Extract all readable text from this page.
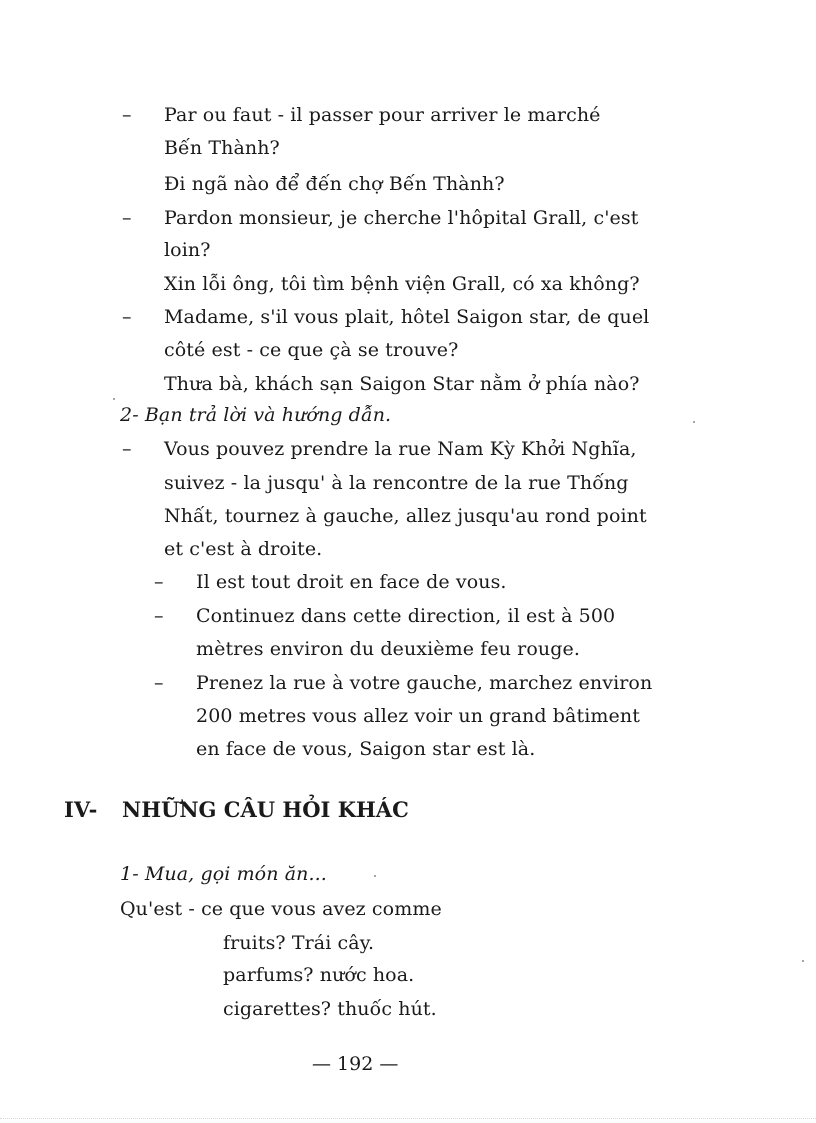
– Par ou faut - il passer pour arriver le marché
Bến Thành?
Đi ngã nào để đến chợ Bến Thành?
– Pardon monsieur, je cherche l'hôpital Grall, c'est
loin?
Xin lỗi ông, tôi tìm bệnh viện Grall, có xa không?
– Madame, s'il vous plait, hôtel Saigon star, de quel
côté est - ce que çà se trouve?
Thưa bà, khách sạn Saigon Star nằm ở phía nào?
2- Bạn trả lời và hướng dẫn.
– Vous pouvez prendre la rue Nam Kỳ Khởi Nghĩa,
suivez - la jusqu' à la rencontre de la rue Thống
Nhất, tournez à gauche, allez jusqu'au rond point
et c'est à droite.
– Il est tout droit en face de vous.
– Continuez dans cette direction, il est à 500
mètres environ du deuxième feu rouge.
– Prenez la rue à votre gauche, marchez environ
200 metres vous allez voir un grand bâtiment
en face de vous, Saigon star est là.
IV- NHỮNG CÂU HỎI KHÁC
1- Mua, gọi món ăn...
Qu'est - ce que vous avez comme
fruits? Trái cây.
parfums? nước hoa.
cigarettes? thuốc hút.
— 192 —
